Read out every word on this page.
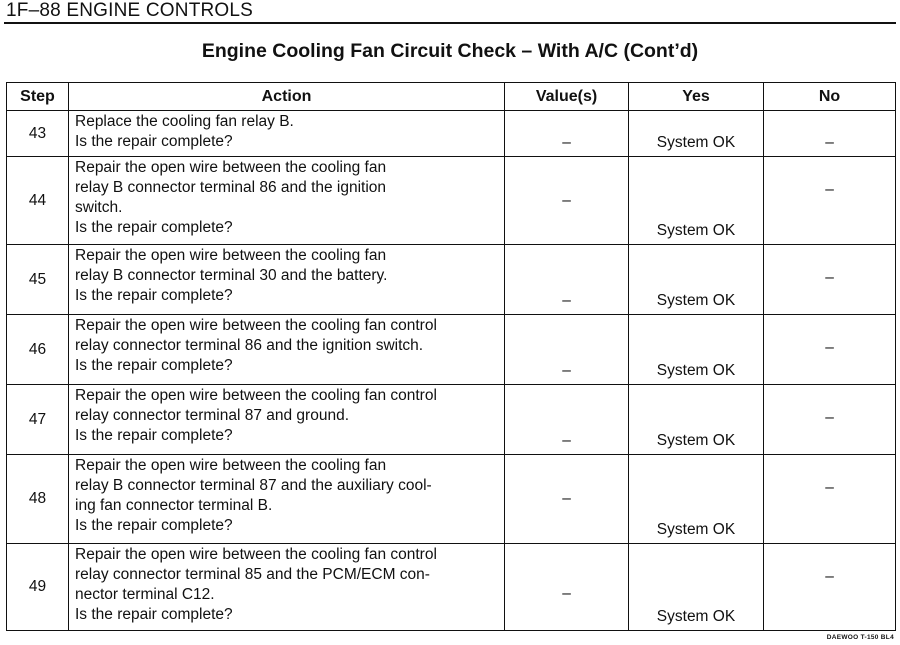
1F–88 ENGINE CONTROLS
Engine Cooling Fan Circuit Check – With A/C (Cont’d)
Step	Action	Value(s)	Yes	No
43	Replace the cooling fan relay B.
Is the repair complete?	–	System OK	–

44	Repair the open wire between the cooling fan
relay B connector terminal 86 and the ignition
switch.
Is the repair complete?	–	System OK	–

45	Repair the open wire between the cooling fan
relay B connector terminal 30 and the battery.
Is the repair complete?	–	System OK	–

46	Repair the open wire between the cooling fan control
relay connector terminal 86 and the ignition switch.
Is the repair complete?	–	System OK	–

47	Repair the open wire between the cooling fan control
relay connector terminal 87 and ground.
Is the repair complete?	–	System OK	–

48	Repair the open wire between the cooling fan
relay B connector terminal 87 and the auxiliary cool-
ing fan connector terminal B.
Is the repair complete?	–	System OK	–

49	Repair the open wire between the cooling fan control
relay connector terminal 85 and the PCM/ECM con-
nector terminal C12.
Is the repair complete?	–	System OK	–
DAEWOO T-150 BL4
